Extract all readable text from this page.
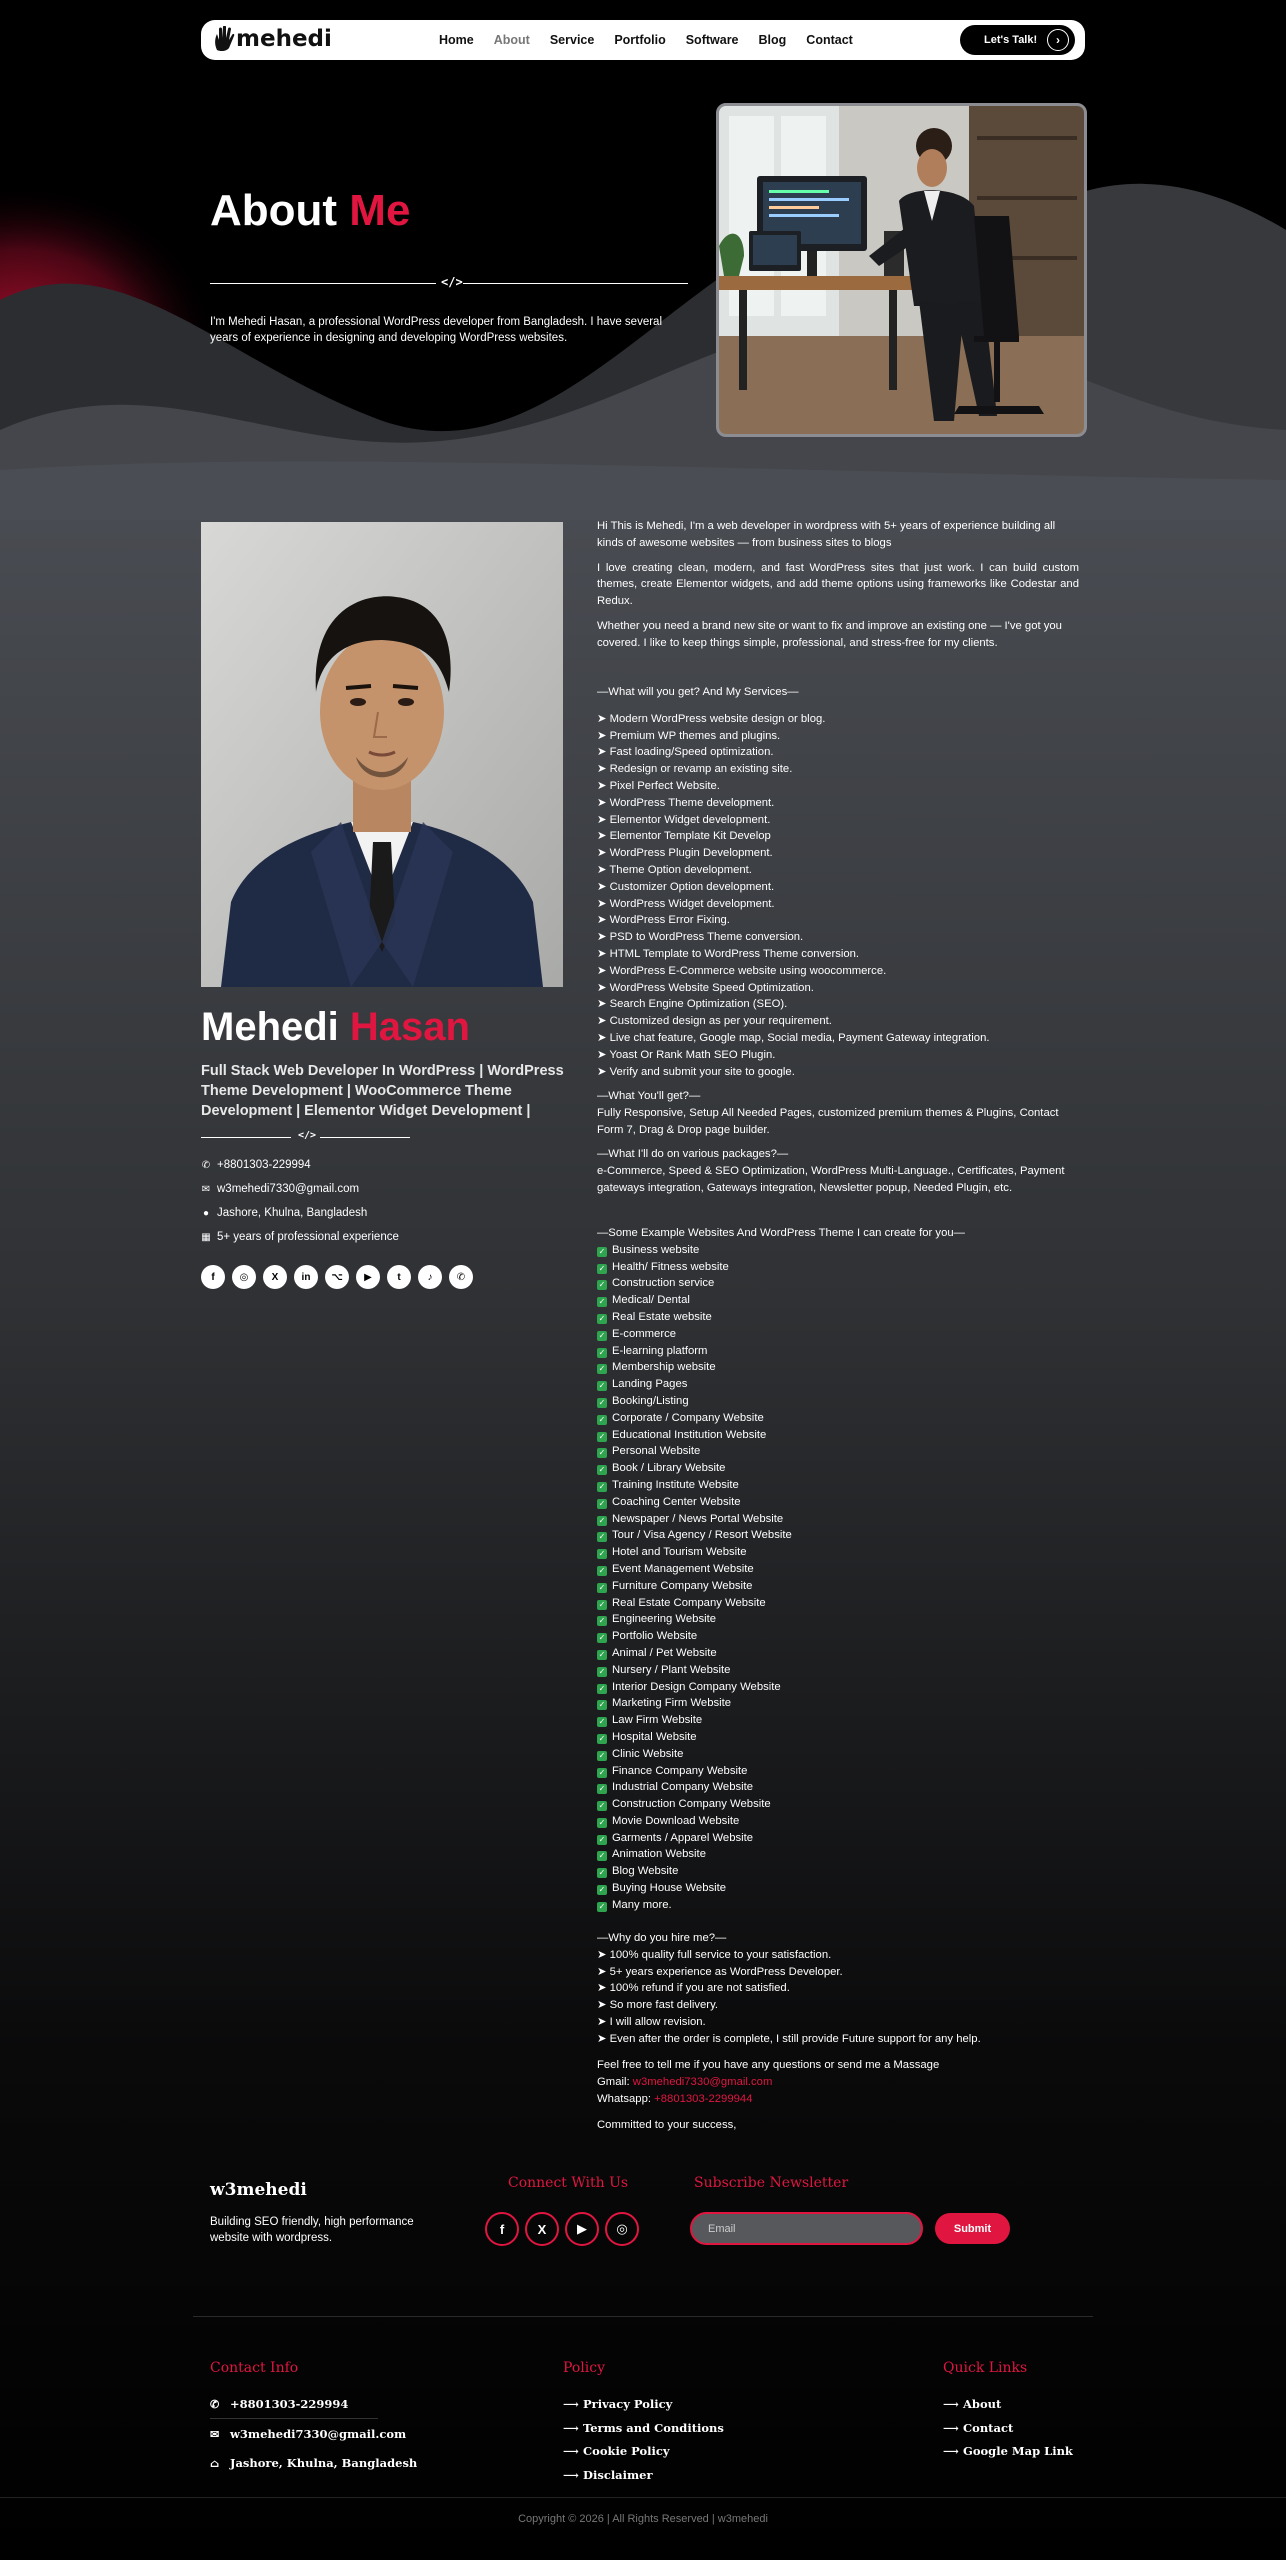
mehedi	Home About Service Portfolio Software Blog Contact	Let's Talk!	›
About Me
</>
I'm Mehedi Hasan, a professional WordPress developer from Bangladesh. I have several years of experience in designing and developing WordPress websites.
Mehedi Hasan
Full Stack Web Developer In WordPress | WordPress Theme Development | WooCommerce Theme Development | Elementor Widget Development |
</>
✆ +8801303-229994
✉ w3mehedi7330@gmail.com
● Jashore, Khulna, Bangladesh
▦ 5+ years of professional experience
f	◎	X	in	⌥	▶	t	♪	✆

Hi This is Mehedi, I'm a web developer in wordpress with 5+ years of experience building all kinds of awesome websites — from business sites to blogs

I love creating clean, modern, and fast WordPress sites that just work. I can build custom themes, create Elementor widgets, and add theme options using frameworks like Codestar and Redux.

Whether you need a brand new site or want to fix and improve an existing one — I've got you covered. I like to keep things simple, professional, and stress-free for my clients.

—What will you get? And My Services—
➤ Modern WordPress website design or blog.
➤ Premium WP themes and plugins.
➤ Fast loading/Speed optimization.
➤ Redesign or revamp an existing site.
➤ Pixel Perfect Website.
➤ WordPress Theme development.
➤ Elementor Widget development.
➤ Elementor Template Kit Develop
➤ WordPress Plugin Development.
➤ Theme Option development.
➤ Customizer Option development.
➤ WordPress Widget development.
➤ WordPress Error Fixing.
➤ PSD to WordPress Theme conversion.
➤ HTML Template to WordPress Theme conversion.
➤ WordPress E-Commerce website using woocommerce.
➤ WordPress Website Speed Optimization.
➤ Search Engine Optimization (SEO).
➤ Customized design as per your requirement.
➤ Live chat feature, Google map, Social media, Payment Gateway integration.
➤ Yoast Or Rank Math SEO Plugin.
➤ Verify and submit your site to google.
—What You'll get?—

Fully Responsive, Setup All Needed Pages, customized premium themes & Plugins, Contact Form 7, Drag & Drop page builder.

—What I'll do on various packages?—

e-Commerce, Speed & SEO Optimization, WordPress Multi-Language., Certificates, Payment gateways integration, Gateways integration, Newsletter popup, Needed Plugin, etc.

—Some Example Websites And WordPress Theme I can create for you—
✓ Business website
✓ Health/ Fitness website
✓ Construction service
✓ Medical/ Dental
✓ Real Estate website
✓ E-commerce
✓ E-learning platform
✓ Membership website
✓ Landing Pages
✓ Booking/Listing
✓ Corporate / Company Website
✓ Educational Institution Website
✓ Personal Website
✓ Book / Library Website
✓ Training Institute Website
✓ Coaching Center Website
✓ Newspaper / News Portal Website
✓ Tour / Visa Agency / Resort Website
✓ Hotel and Tourism Website
✓ Event Management Website
✓ Furniture Company Website
✓ Real Estate Company Website
✓ Engineering Website
✓ Portfolio Website
✓ Animal / Pet Website
✓ Nursery / Plant Website
✓ Interior Design Company Website
✓ Marketing Firm Website
✓ Law Firm Website
✓ Hospital Website
✓ Clinic Website
✓ Finance Company Website
✓ Industrial Company Website
✓ Construction Company Website
✓ Movie Download Website
✓ Garments / Apparel Website
✓ Animation Website
✓ Blog Website
✓ Buying House Website
✓ Many more.
—Why do you hire me?—
➤ 100% quality full service to your satisfaction.
➤ 5+ years experience as WordPress Developer.
➤ 100% refund if you are not satisfied.
➤ So more fast delivery.
➤ I will allow revision.
➤ Even after the order is complete, I still provide Future support for any help.
Feel free to tell me if you have any questions or send me a Massage
Gmail: w3mehedi7330@gmail.com
Whatsapp: +8801303-2299944
Committed to your success,
w3mehedi
Building SEO friendly, high performance website with wordpress.
Connect With Us
f	X	▶	◎
Subscribe Newsletter
Email	Submit
Contact Info
✆ +8801303-229994
✉ w3mehedi7330@gmail.com
⌂ Jashore, Khulna, Bangladesh
Policy
⟶ Privacy Policy
⟶ Terms and Conditions
⟶ Cookie Policy
⟶ Disclaimer
Quick Links
⟶ About
⟶ Contact
⟶ Google Map Link
Copyright © 2026 | All Rights Reserved | w3mehedi
